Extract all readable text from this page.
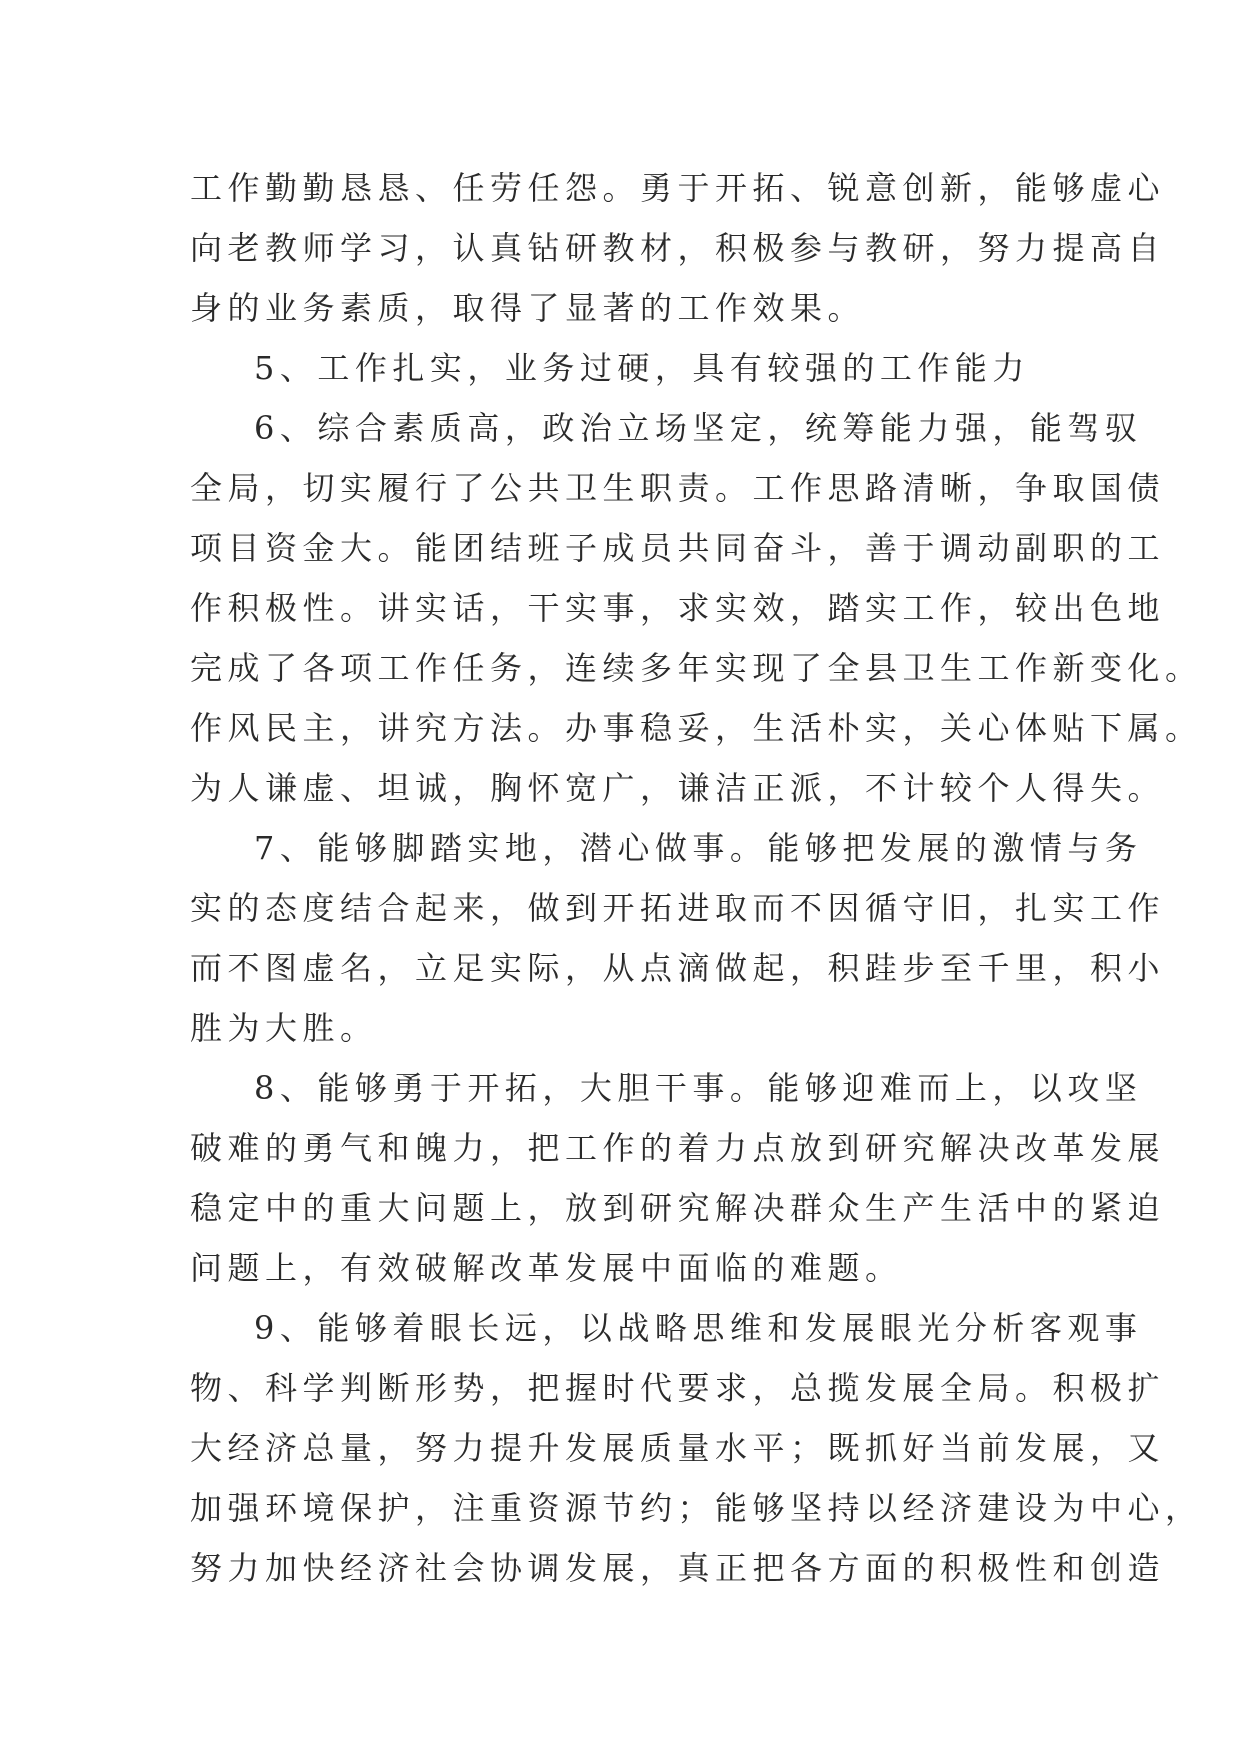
工作勤勤恳恳、任劳任怨。勇于开拓、锐意创新，能够虚心
向老教师学习，认真钻研教材，积极参与教研，努力提高自
身的业务素质，取得了显著的工作效果。
5、工作扎实，业务过硬，具有较强的工作能力
6、综合素质高，政治立场坚定，统筹能力强，能驾驭
全局，切实履行了公共卫生职责。工作思路清晰，争取国债
项目资金大。能团结班子成员共同奋斗，善于调动副职的工
作积极性。讲实话，干实事，求实效，踏实工作，较出色地
完成了各项工作任务，连续多年实现了全县卫生工作新变化。
作风民主，讲究方法。办事稳妥，生活朴实，关心体贴下属。
为人谦虚、坦诚，胸怀宽广，谦洁正派，不计较个人得失。
7、能够脚踏实地，潜心做事。能够把发展的激情与务
实的态度结合起来，做到开拓进取而不因循守旧，扎实工作
而不图虚名，立足实际，从点滴做起，积跬步至千里，积小
胜为大胜。
8、能够勇于开拓，大胆干事。能够迎难而上，以攻坚
破难的勇气和魄力，把工作的着力点放到研究解决改革发展
稳定中的重大问题上，放到研究解决群众生产生活中的紧迫
问题上，有效破解改革发展中面临的难题。
9、能够着眼长远，以战略思维和发展眼光分析客观事
物、科学判断形势，把握时代要求，总揽发展全局。积极扩
大经济总量，努力提升发展质量水平；既抓好当前发展，又
加强环境保护，注重资源节约；能够坚持以经济建设为中心，
努力加快经济社会协调发展，真正把各方面的积极性和创造
